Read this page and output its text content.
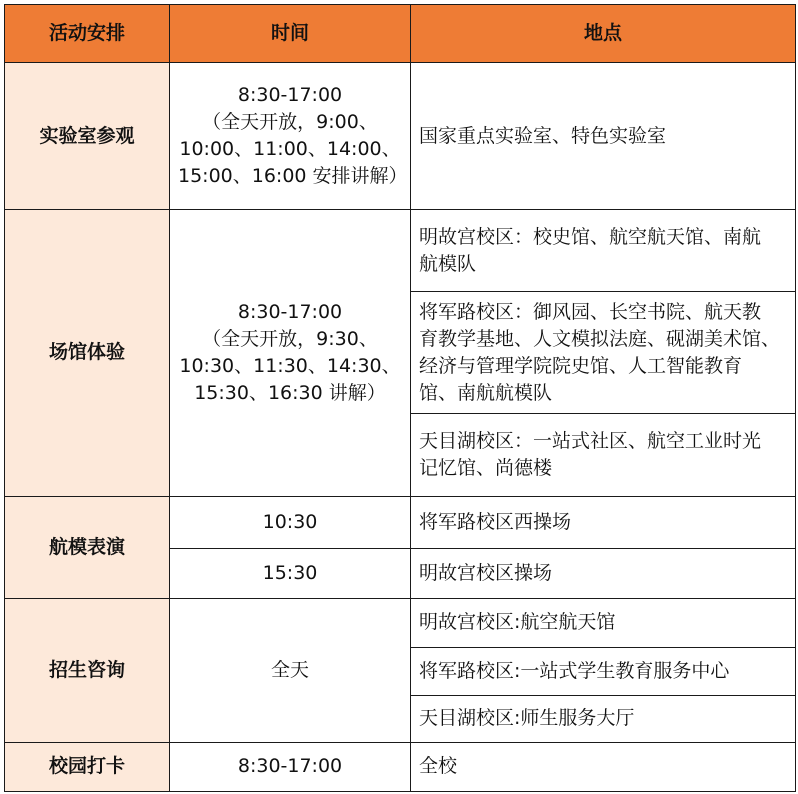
活动安排	时间	地点
实验室参观	8:30-17:00
（全天开放，9:00、
10:00、11:00、14:00、
15:00、16:00 安排讲解）	国家重点实验室、特色实验室
场馆体验	8:30-17:00
（全天开放，9:30、
10:30、11:30、14:30、
15:30、16:30 讲解）	明故宫校区：校史馆、航空航天馆、南航
航模队

		将军路校区：御风园、长空书院、航天教
育教学基地、人文模拟法庭、砚湖美术馆、
经济与管理学院院史馆、人工智能教育
馆、南航航模队

		天目湖校区：一站式社区、航空工业时光
记忆馆、尚德楼

航模表演	10:30	将军路校区西操场
	15:30	明故宫校区操场
招生咨询	全天	明故宫校区:航空航天馆
		将军路校区:一站式学生教育服务中心
		天目湖校区:师生服务大厅
校园打卡	8:30-17:00	全校
